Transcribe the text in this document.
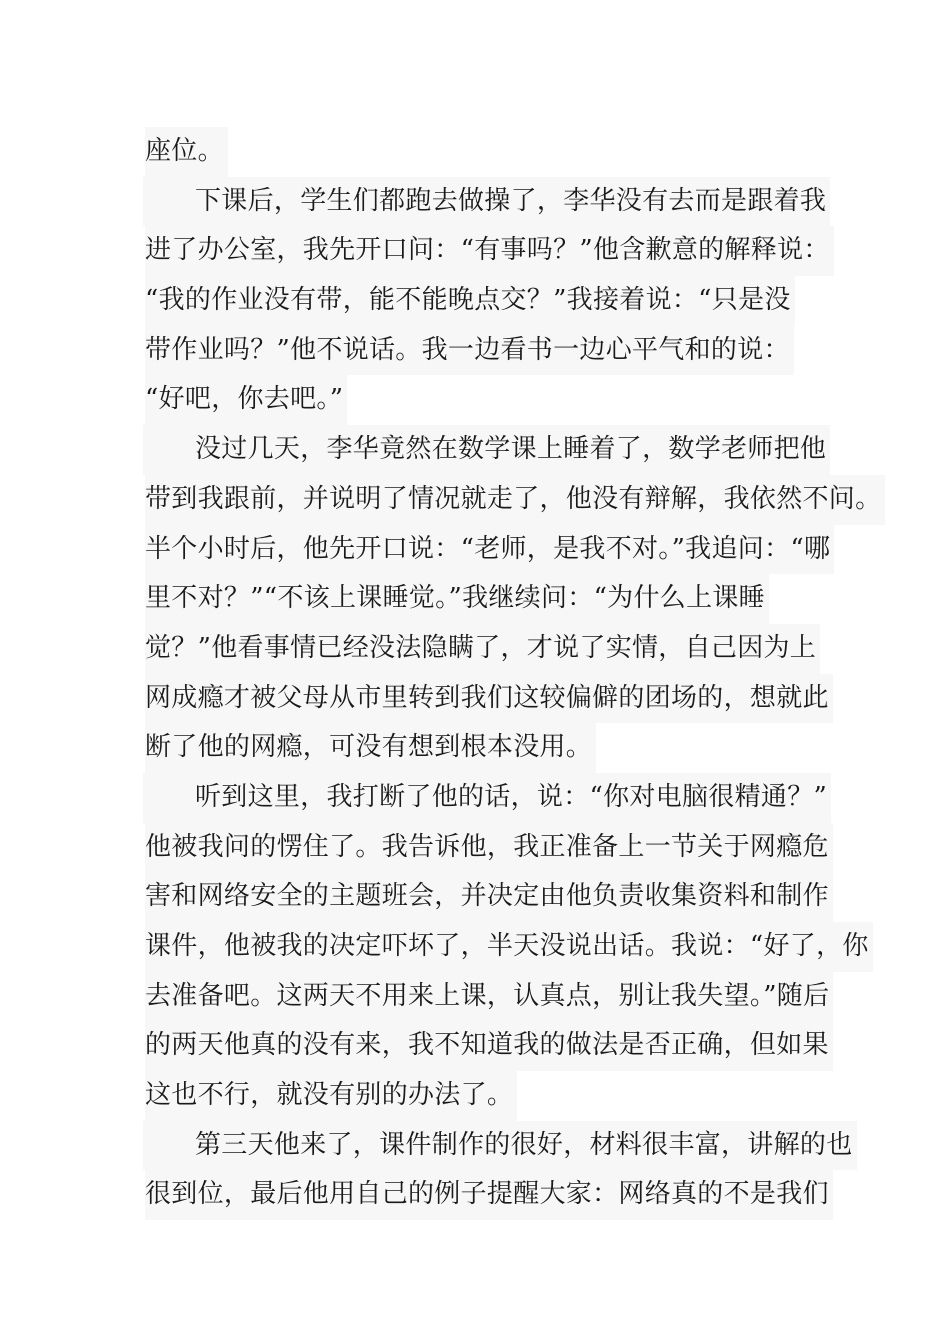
座位。
下课后，学生们都跑去做操了，李华没有去而是跟着我
进了办公室，我先开口问：“有事吗？”他含歉意的解释说：
“我的作业没有带，能不能晚点交？”我接着说：“只是没
带作业吗？”他不说话。我一边看书一边心平气和的说：
“好吧，你去吧。”
没过几天，李华竟然在数学课上睡着了，数学老师把他
带到我跟前，并说明了情况就走了，他没有辩解，我依然不问。
半个小时后，他先开口说：“老师，是我不对。”我追问：“哪
里不对？”“不该上课睡觉。”我继续问：“为什么上课睡
觉？”他看事情已经没法隐瞒了，才说了实情，自己因为上
网成瘾才被父母从市里转到我们这较偏僻的团场的，想就此
断了他的网瘾，可没有想到根本没用。
听到这里，我打断了他的话，说：“你对电脑很精通？”
他被我问的愣住了。我告诉他，我正准备上一节关于网瘾危
害和网络安全的主题班会，并决定由他负责收集资料和制作
课件，他被我的决定吓坏了，半天没说出话。我说：“好了，你
去准备吧。这两天不用来上课，认真点，别让我失望。”随后
的两天他真的没有来，我不知道我的做法是否正确，但如果
这也不行，就没有别的办法了。
第三天他来了，课件制作的很好，材料很丰富，讲解的也
很到位，最后他用自己的例子提醒大家：网络真的不是我们
